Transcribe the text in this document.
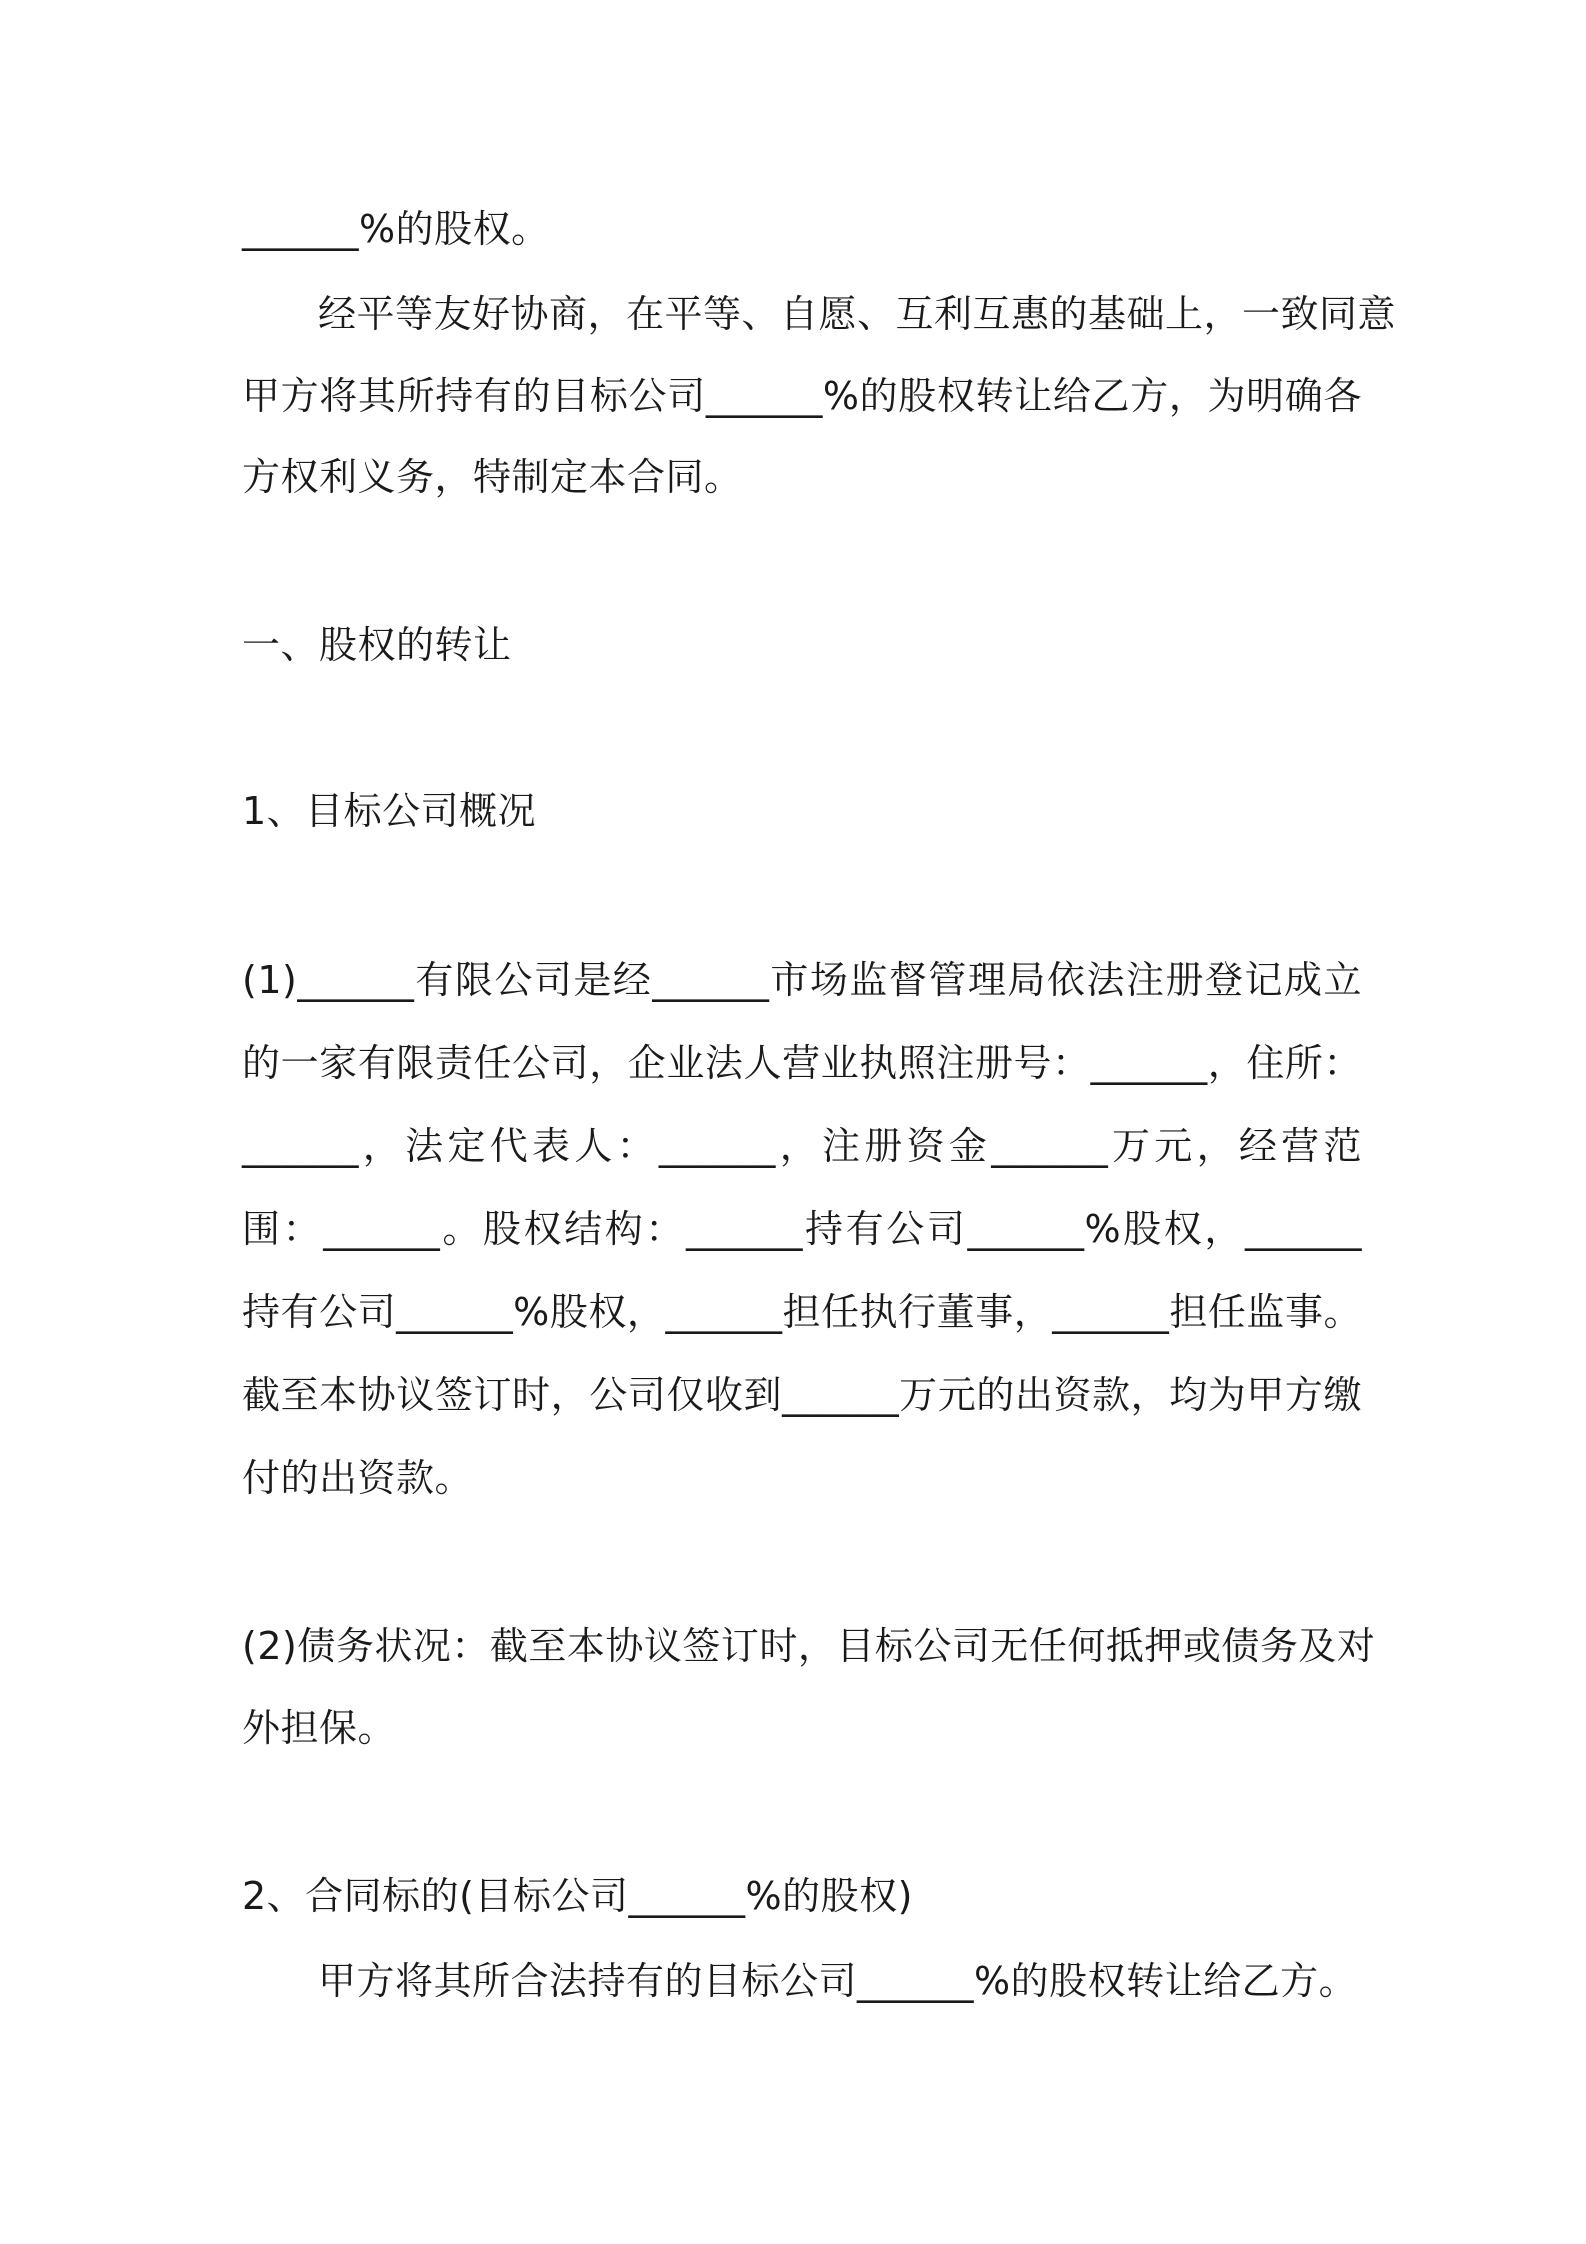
______%的股权。
经平等友好协商，在平等、自愿、互利互惠的基础上，一致同意
甲方将其所持有的目标公司______%的股权转让给乙方，为明确各
方权利义务，特制定本合同。
一、股权的转让
1、目标公司概况
(1)______有限公司是经______市场监督管理局依法注册登记成立
的一家有限责任公司，企业法人营业执照注册号：______，住所：
______，法定代表人：______，注册资金______万元，经营范
围：______。股权结构：______持有公司______%股权，______
持有公司______%股权，______担任执行董事，______担任监事。
截至本协议签订时，公司仅收到______万元的出资款，均为甲方缴
付的出资款。
(2)债务状况：截至本协议签订时，目标公司无任何抵押或债务及对
外担保。
2、合同标的(目标公司______%的股权)
甲方将其所合法持有的目标公司______%的股权转让给乙方。
